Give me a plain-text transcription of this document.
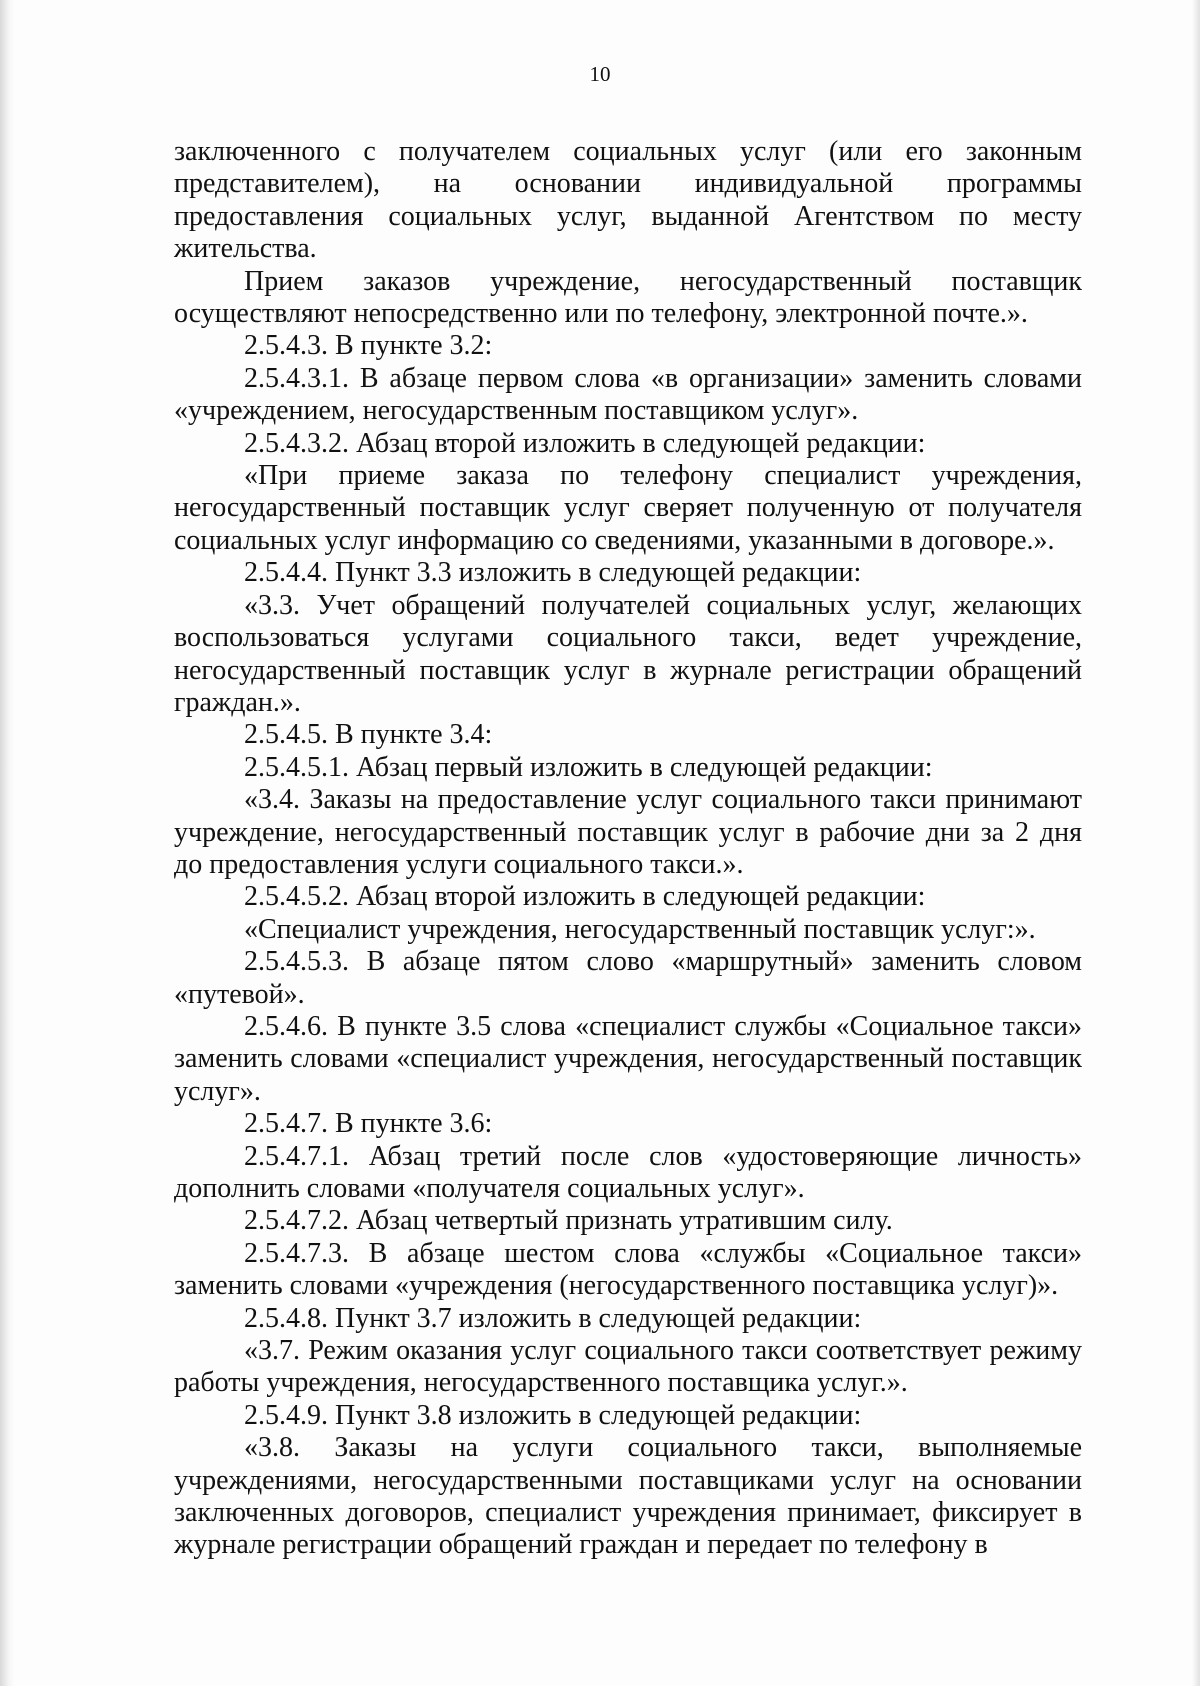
10

заключенного с получателем социальных услуг (или его законным представителем), на основании индивидуальной программы предоставления социальных услуг, выданной Агентством по месту жительства.

Прием заказов учреждение, негосударственный поставщик осуществляют непосредственно или по телефону, электронной почте.».

2.5.4.3. В пункте 3.2:

2.5.4.3.1. В абзаце первом слова «в организации» заменить словами «учреждением, негосударственным поставщиком услуг».

2.5.4.3.2. Абзац второй изложить в следующей редакции:

«При приеме заказа по телефону специалист учреждения, негосударственный поставщик услуг сверяет полученную от получателя социальных услуг информацию со сведениями, указанными в договоре.».

2.5.4.4. Пункт 3.3 изложить в следующей редакции:

«3.3. Учет обращений получателей социальных услуг, желающих воспользоваться услугами социального такси, ведет учреждение, негосударственный поставщик услуг в журнале регистрации обращений граждан.».

2.5.4.5. В пункте 3.4:

2.5.4.5.1. Абзац первый изложить в следующей редакции:

«3.4. Заказы на предоставление услуг социального такси принимают учреждение, негосударственный поставщик услуг в рабочие дни за 2 дня до предоставления услуги социального такси.».

2.5.4.5.2. Абзац второй изложить в следующей редакции:

«Специалист учреждения, негосударственный поставщик услуг:».

2.5.4.5.3. В абзаце пятом слово «маршрутный» заменить словом «путевой».

2.5.4.6. В пункте 3.5 слова «специалист службы «Социальное такси» заменить словами «специалист учреждения, негосударственный поставщик услуг».

2.5.4.7. В пункте 3.6:

2.5.4.7.1. Абзац третий после слов «удостоверяющие личность» дополнить словами «получателя социальных услуг».

2.5.4.7.2. Абзац четвертый признать утратившим силу.

2.5.4.7.3. В абзаце шестом слова «службы «Социальное такси» заменить словами «учреждения (негосударственного поставщика услуг)».

2.5.4.8. Пункт 3.7 изложить в следующей редакции:

«3.7. Режим оказания услуг социального такси соответствует режиму работы учреждения, негосударственного поставщика услуг.».

2.5.4.9. Пункт 3.8 изложить в следующей редакции:

«3.8. Заказы на услуги социального такси, выполняемые учреждениями, негосударственными поставщиками услуг на основании заключенных договоров, специалист учреждения принимает, фиксирует в журнале регистрации обращений граждан и передает по телефону в
